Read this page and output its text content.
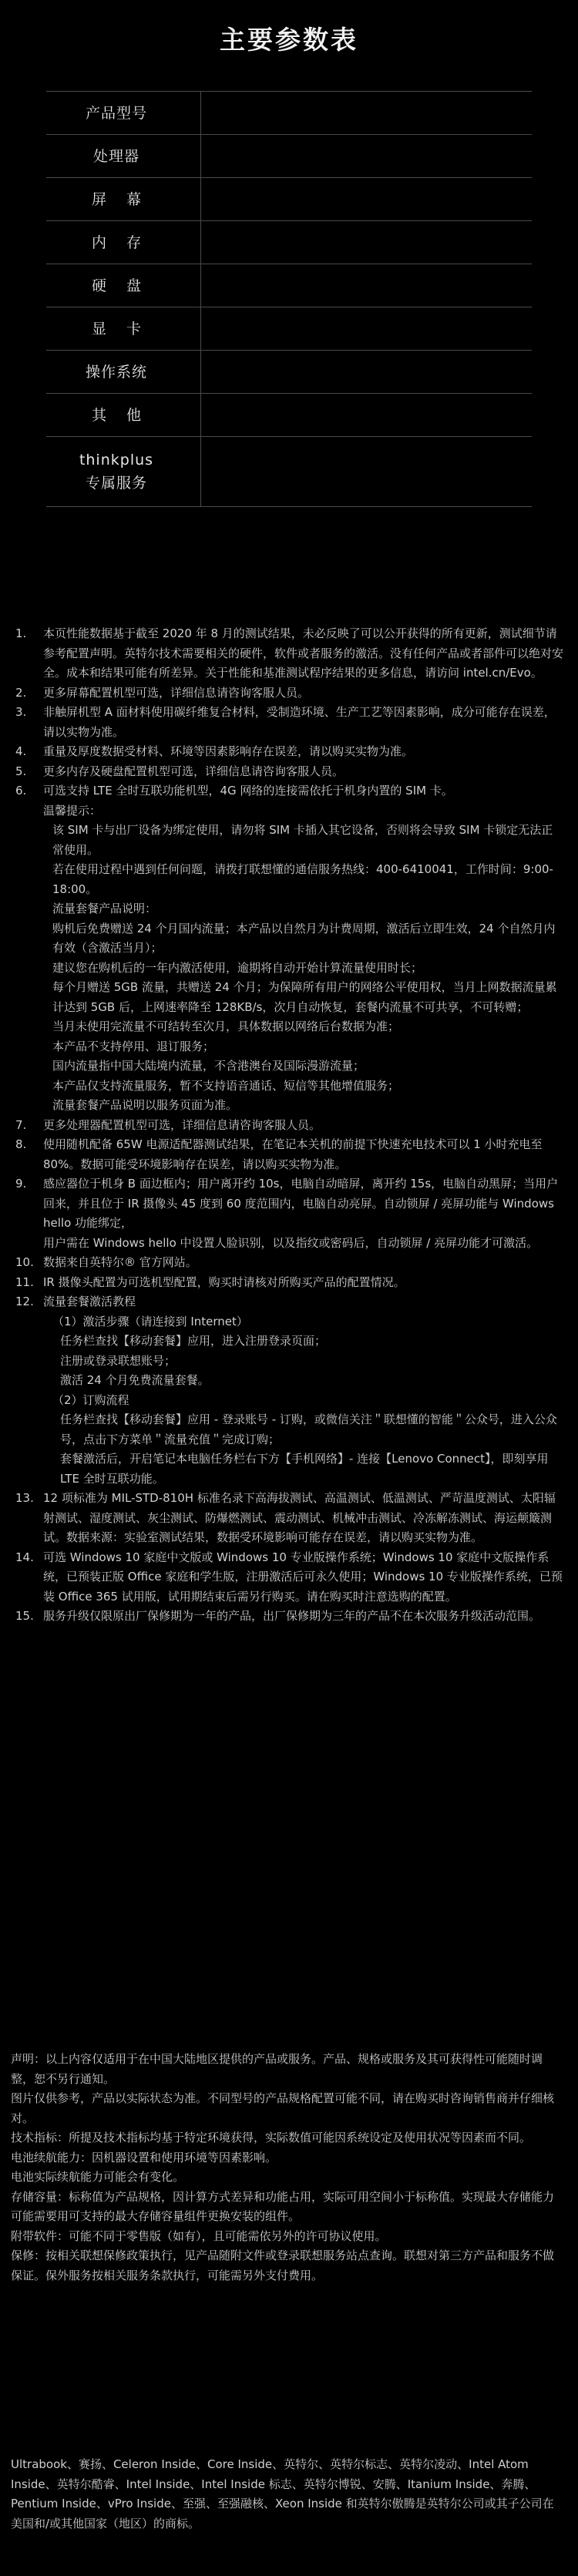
主要参数表
产品型号
处理器
屏幕
内存
硬盘
显卡
操作系统
其他
thinkplus
专属服务
1. 本页性能数据基于截至 2020 年 8 月的测试结果，未必反映了可以公开获得的所有更新，测试细节请参考配置声明。英特尔技术需要相关的硬件，软件或者服务的激活。没有任何产品或者部件可以绝对安全。成本和结果可能有所差异。关于性能和基准测试程序结果的更多信息，请访问 intel.cn/Evo。
2. 更多屏幕配置机型可选，详细信息请咨询客服人员。
3. 非触屏机型 A 面材料使用碳纤维复合材料，受制造环境、生产工艺等因素影响，成分可能存在误差，请以实物为准。
4. 重量及厚度数据受材料、环境等因素影响存在误差，请以购买实物为准。
5. 更多内存及硬盘配置机型可选，详细信息请咨询客服人员。
6. 可选支持 LTE 全时互联功能机型，4G 网络的连接需依托于机身内置的 SIM 卡。
温馨提示：
该 SIM 卡与出厂设备为绑定使用，请勿将 SIM 卡插入其它设备，否则将会导致 SIM 卡锁定无法正常使用。
若在使用过程中遇到任何问题，请拨打联想懂的通信服务热线：400-6410041，工作时间：9:00-18:00。
流量套餐产品说明：
购机后免费赠送 24 个月国内流量；本产品以自然月为计费周期，激活后立即生效，24 个自然月内有效（含激活当月）；
建议您在购机后的一年内激活使用，逾期将自动开始计算流量使用时长；
每个月赠送 5GB 流量，共赠送 24 个月；为保障所有用户的网络公平使用权，当月上网数据流量累计达到 5GB 后，上网速率降至 128KB/s，次月自动恢复，套餐内流量不可共享，不可转赠；
当月未使用完流量不可结转至次月，具体数据以网络后台数据为准；
本产品不支持停用、退订服务；
国内流量指中国大陆境内流量，不含港澳台及国际漫游流量；
本产品仅支持流量服务，暂不支持语音通话、短信等其他增值服务；
流量套餐产品说明以服务页面为准。
7. 更多处理器配置机型可选，详细信息请咨询客服人员。
8. 使用随机配备 65W 电源适配器测试结果，在笔记本关机的前提下快速充电技术可以 1 小时充电至 80%。数据可能受环境影响存在误差，请以购买实物为准。
9. 感应器位于机身 B 面边框内；用户离开约 10s，电脑自动暗屏，离开约 15s，电脑自动黑屏；当用户回来，并且位于 IR 摄像头 45 度到 60 度范围内，电脑自动亮屏。自动锁屏 / 亮屏功能与 Windows hello 功能绑定，
用户需在 Windows hello 中设置人脸识别，以及指纹或密码后，自动锁屏 / 亮屏功能才可激活。
10. 数据来自英特尔® 官方网站。
11. IR 摄像头配置为可选机型配置，购买时请核对所购买产品的配置情况。
12. 流量套餐激活教程
（1）激活步骤（请连接到 Internet）
任务栏查找【移动套餐】应用，进入注册登录页面；
注册或登录联想账号；
激活 24 个月免费流量套餐。
（2）订购流程
任务栏查找【移动套餐】应用 - 登录账号 - 订购，或微信关注＂联想懂的智能＂公众号，进入公众号，点击下方菜单＂流量充值＂完成订购；
套餐激活后，开启笔记本电脑任务栏右下方【手机网络】- 连接【Lenovo Connect】，即刻享用 LTE 全时互联功能。
13. 12 项标准为 MIL-STD-810H 标准名录下高海拔测试、高温测试、低温测试、严苛温度测试、太阳辐射测试、湿度测试、灰尘测试、防爆燃测试、震动测试、机械冲击测试、冷冻解冻测试、海运颠簸测试。数据来源：实验室测试结果，数据受环境影响可能存在误差，请以购买实物为准。
14. 可选 Windows 10 家庭中文版或 Windows 10 专业版操作系统；Windows 10 家庭中文版操作系统，已预装正版 Office 家庭和学生版，注册激活后可永久使用；Windows 10 专业版操作系统，已预装 Office 365 试用版，试用期结束后需另行购买。请在购买时注意选购的配置。
15. 服务升级仅限原出厂保修期为一年的产品，出厂保修期为三年的产品不在本次服务升级活动范围。

声明：以上内容仅适用于在中国大陆地区提供的产品或服务。产品、规格或服务及其可获得性可能随时调整，恕不另行通知。

图片仅供参考，产品以实际状态为准。不同型号的产品规格配置可能不同，请在购买时咨询销售商并仔细核对。

技术指标：所提及技术指标均基于特定环境获得，实际数值可能因系统设定及使用状况等因素而不同。

电池续航能力：因机器设置和使用环境等因素影响。

电池实际续航能力可能会有变化。

存储容量：标称值为产品规格，因计算方式差异和功能占用，实际可用空间小于标称值。实现最大存储能力可能需要用可支持的最大存储容量组件更换安装的组件。

附带软件：可能不同于零售版（如有），且可能需依另外的许可协议使用。

保修：按相关联想保修政策执行，见产品随附文件或登录联想服务站点查询。联想对第三方产品和服务不做保证。保外服务按相关服务条款执行，可能需另外支付费用。

Ultrabook、赛扬、Celeron Inside、Core Inside、英特尔、英特尔标志、英特尔凌动、Intel Atom Inside、英特尔酷睿、Intel Inside、Intel Inside 标志、英特尔博锐、安腾、Itanium Inside、奔腾、Pentium Inside、vPro Inside、至强、至强融核、Xeon Inside 和英特尔傲腾是英特尔公司或其子公司在美国和/或其他国家（地区）的商标。
